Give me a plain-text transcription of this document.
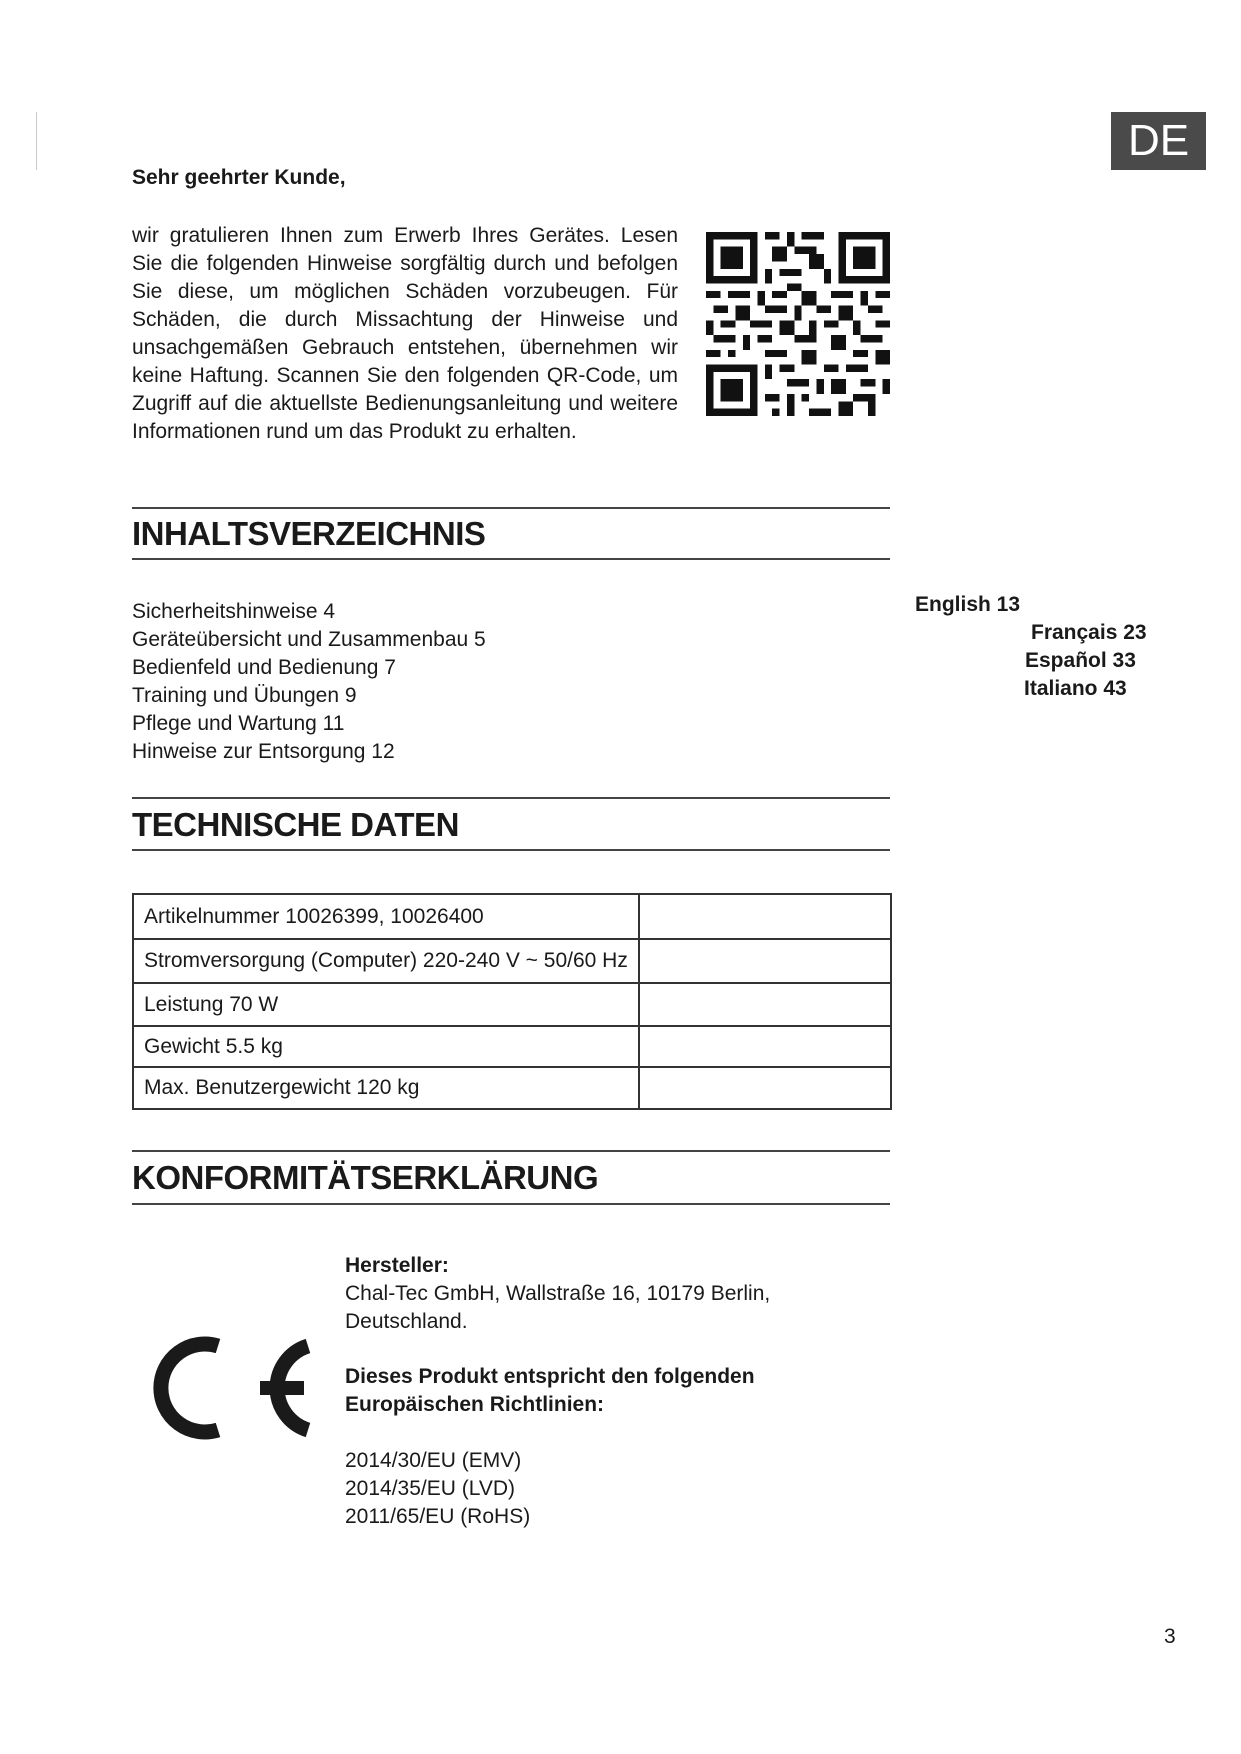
DE
Sehr geehrter Kunde,
wir gratulieren Ihnen zum Erwerb Ihres Gerätes. Lesen Sie die folgenden Hinweise sorgfältig durch und befolgen Sie diese, um möglichen Schäden vorzubeugen. Für Schäden, die durch Missachtung der Hinweise und unsachgemäßen Gebrauch entstehen, übernehmen wir keine Haftung. Scannen Sie den folgenden QR-Code, um Zugriff auf die aktuellste Bedienungsanleitung und weitere Informationen rund um das Produkt zu erhalten.
INHALTSVERZEICHNIS
Sicherheitshinweise 4
Geräteübersicht und Zusammenbau 5
Bedienfeld und Bedienung 7
Training und Übungen 9
Pflege und Wartung 11
Hinweise zur Entsorgung 12
English 13
Français 23
Español 33
Italiano 43
TECHNISCHE DATEN
Artikelnummer 10026399, 10026400	
Stromversorgung (Computer) 220-240 V ~ 50/60 Hz	
Leistung 70 W	
Gewicht 5.5 kg	
Max. Benutzergewicht 120 kg	
KONFORMITÄTSERKLÄRUNG
Hersteller:
Chal-Tec GmbH, Wallstraße 16, 10179 Berlin,
Deutschland.
Dieses Produkt entspricht den folgenden
Europäischen Richtlinien:
2014/30/EU (EMV)
2014/35/EU (LVD)
2011/65/EU (RoHS)
3
